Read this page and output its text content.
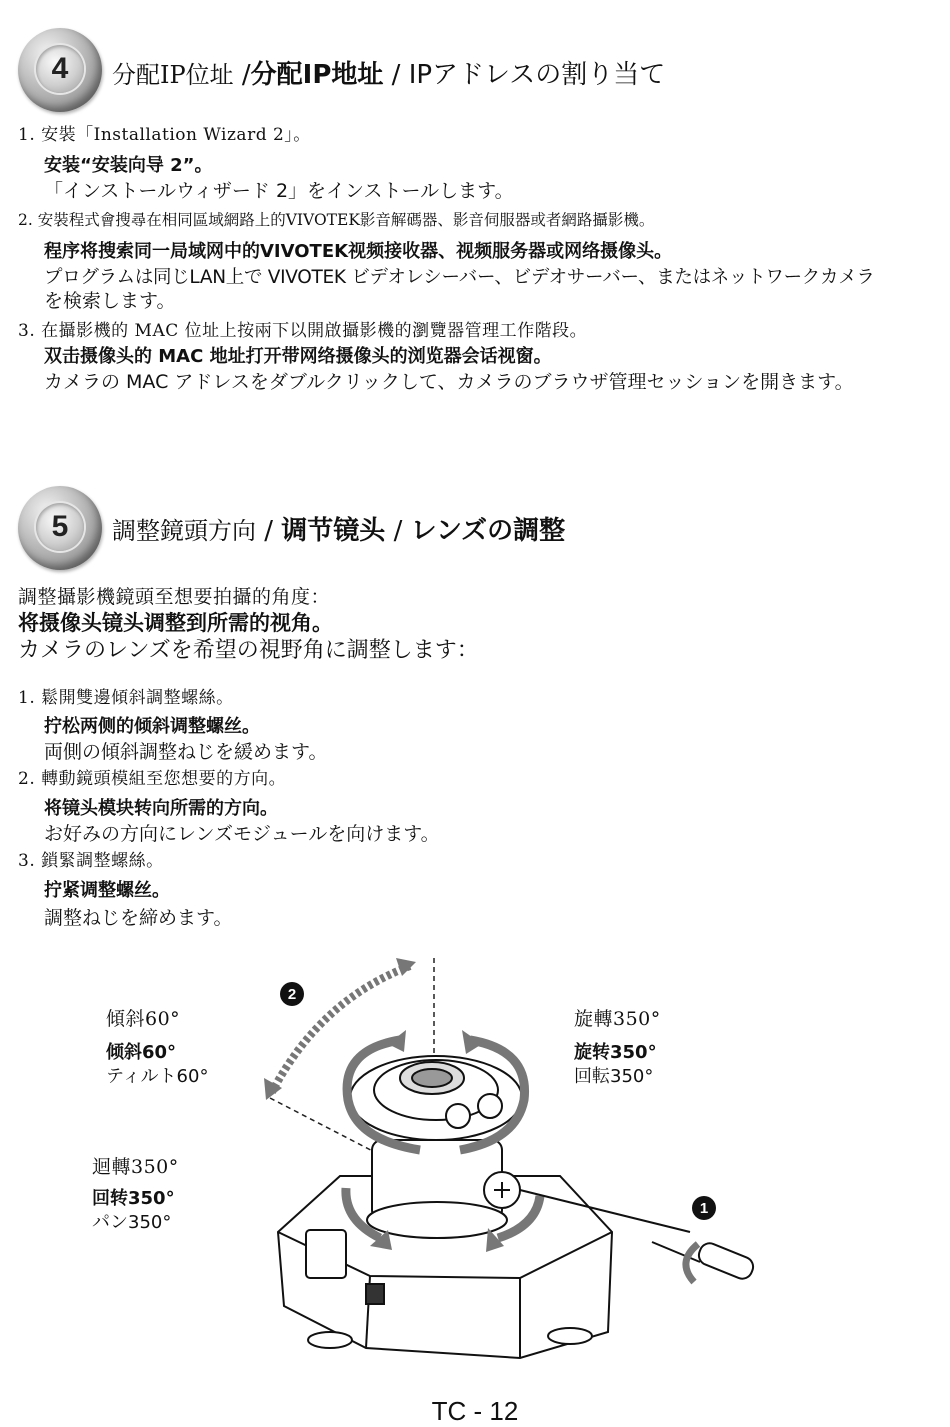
4	分配IP位址 /分配IP地址 / IPアドレスの割り当て
1. 安裝「Installation Wizard 2」。
安装“安装向导 2”。
「インストールウィザード 2」をインストールします。
2. 安裝程式會搜尋在相同區域網路上的VIVOTEK影音解碼器、影音伺服器或者網路攝影機。
程序将搜索同一局域网中的VIVOTEK视频接收器、视频服务器或网络摄像头。
プログラムは同じLAN上で VIVOTEK ビデオレシーバー、ビデオサーバー、またはネットワークカメラ
を検索します。
3. 在攝影機的 MAC 位址上按兩下以開啟攝影機的瀏覽器管理工作階段。
双击摄像头的 MAC 地址打开带网络摄像头的浏览器会话视窗。
カメラの MAC アドレスをダブルクリックして、カメラのブラウザ管理セッションを開きます。
5	調整鏡頭方向 / 调节镜头 / レンズの調整
調整攝影機鏡頭至想要拍攝的角度：
将摄像头镜头调整到所需的视角。
カメラのレンズを希望の視野角に調整します：
1. 鬆開雙邊傾斜調整螺絲。
拧松两侧的倾斜调整螺丝。
両側の傾斜調整ねじを緩めます。
2. 轉動鏡頭模組至您想要的方向。
将镜头模块转向所需的方向。
お好みの方向にレンズモジュールを向けます。
3. 鎖緊調整螺絲。
拧紧调整螺丝。
調整ねじを締めます。
2
1
傾斜60°
倾斜60°
ティルト60°
旋轉350°
旋转350°
回転350°
迴轉350°
回转350°
パン350°
TC - 12
